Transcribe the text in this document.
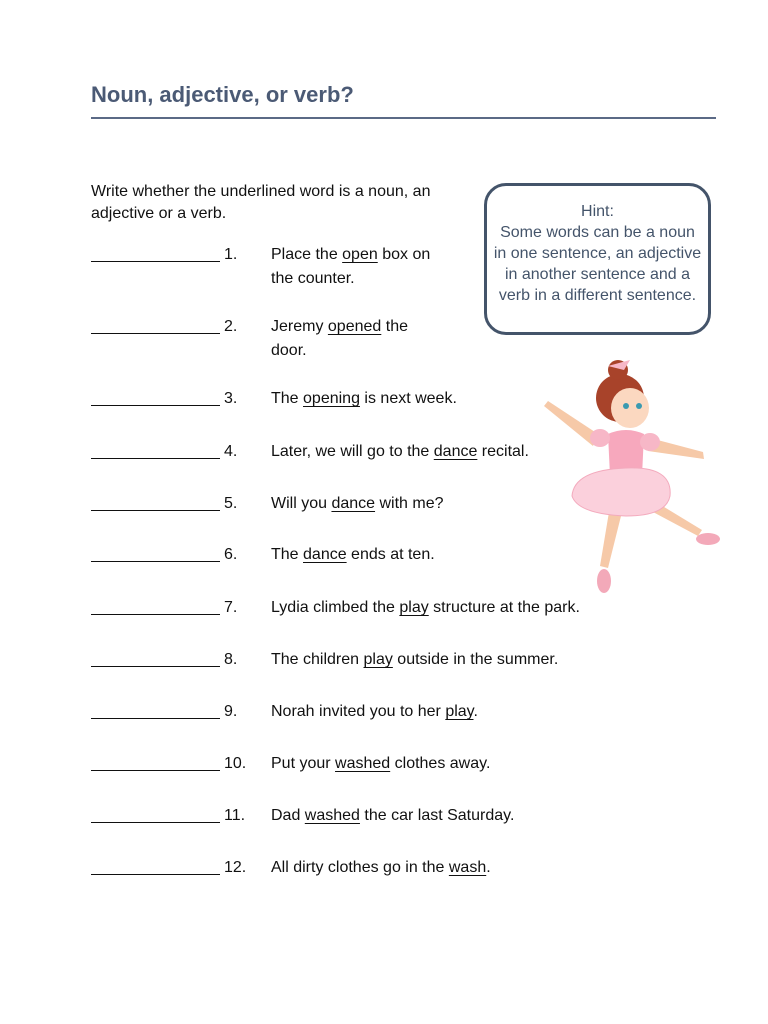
Noun, adjective, or verb?
Write whether the underlined word is a noun, an adjective or a verb.	Hint:
Some words can be a noun in one sentence, an adjective in another sentence and a verb in a different sentence.
1. Place the open box on the counter.
2. Jeremy opened the door.
3. The opening is next week.
4. Later, we will go to the dance recital.
5. Will you dance with me?
6. The dance ends at ten.
7. Lydia climbed the play structure at the park.
8. The children play outside in the summer.
9. Norah invited you to her play.
10. Put your washed clothes away.
11. Dad washed the car last Saturday.
12. All dirty clothes go in the wash.
